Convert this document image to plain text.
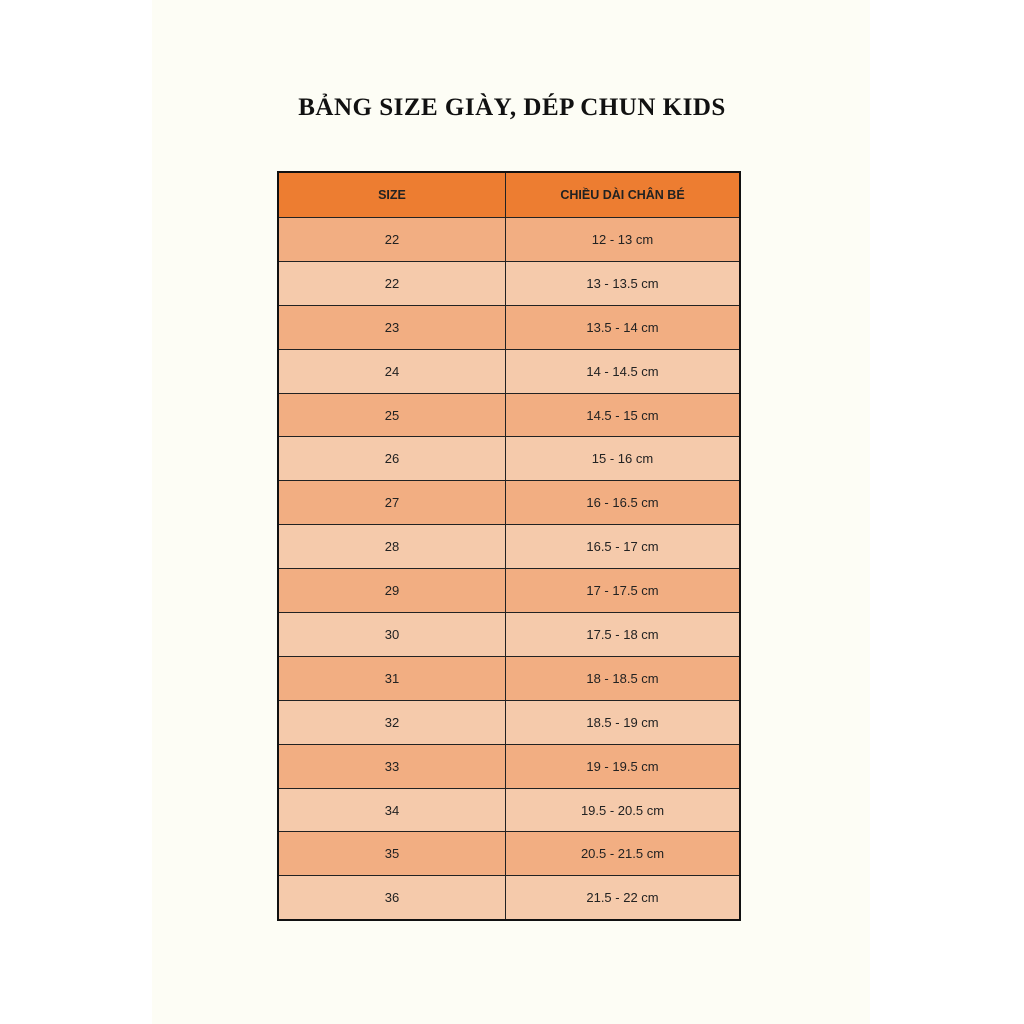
BẢNG SIZE GIÀY, DÉP CHUN KIDS
SIZE	CHIỀU DÀI CHÂN BÉ
22	12 - 13 cm
22	13 - 13.5 cm
23	13.5 - 14 cm
24	14 - 14.5 cm
25	14.5 - 15 cm
26	15 - 16 cm
27	16 - 16.5 cm
28	16.5 - 17 cm
29	17 - 17.5 cm
30	17.5 - 18 cm
31	18 - 18.5 cm
32	18.5 - 19 cm
33	19 - 19.5 cm
34	19.5 - 20.5 cm
35	20.5 - 21.5 cm
36	21.5 - 22 cm
